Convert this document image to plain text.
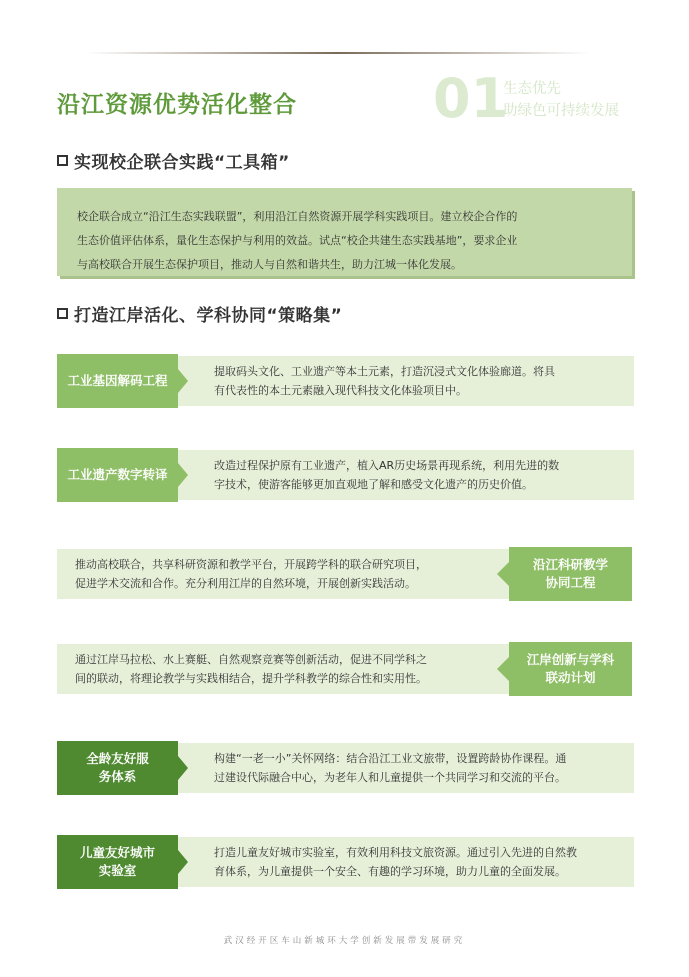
沿江资源优势活化整合	01
生态优先
助绿色可持续发展
实现校企联合实践“工具箱”
校企联合成立“沿江生态实践联盟”，利用沿江自然资源开展学科实践项目。建立校企合作的
生态价值评估体系，量化生态保护与利用的效益。试点“校企共建生态实践基地”，要求企业
与高校联合开展生态保护项目，推动人与自然和谐共生，助力江城一体化发展。
打造江岸活化、学科协同“策略集”
提取码头文化、工业遗产等本土元素，打造沉浸式文化体验廊道。将具
有代表性的本土元素融入现代科技文化体验项目中。
工业基因解码工程
改造过程保护原有工业遗产，植入AR历史场景再现系统，利用先进的数
字技术，使游客能够更加直观地了解和感受文化遗产的历史价值。
工业遗产数字转译
推动高校联合，共享科研资源和教学平台，开展跨学科的联合研究项目，
促进学术交流和合作。充分利用江岸的自然环境，开展创新实践活动。
沿江科研教学
协同工程
通过江岸马拉松、水上赛艇、自然观察竞赛等创新活动，促进不同学科之
间的联动，将理论教学与实践相结合，提升学科教学的综合性和实用性。
江岸创新与学科
联动计划
构建“一老一小”关怀网络：结合沿江工业文旅带，设置跨龄协作课程。通
过建设代际融合中心，为老年人和儿童提供一个共同学习和交流的平台。
全龄友好服
务体系
打造儿童友好城市实验室，有效利用科技文旅资源。通过引入先进的自然教
育体系，为儿童提供一个安全、有趣的学习环境，助力儿童的全面发展。
儿童友好城市
实验室
武汉经开区车山新城环大学创新发展带发展研究
